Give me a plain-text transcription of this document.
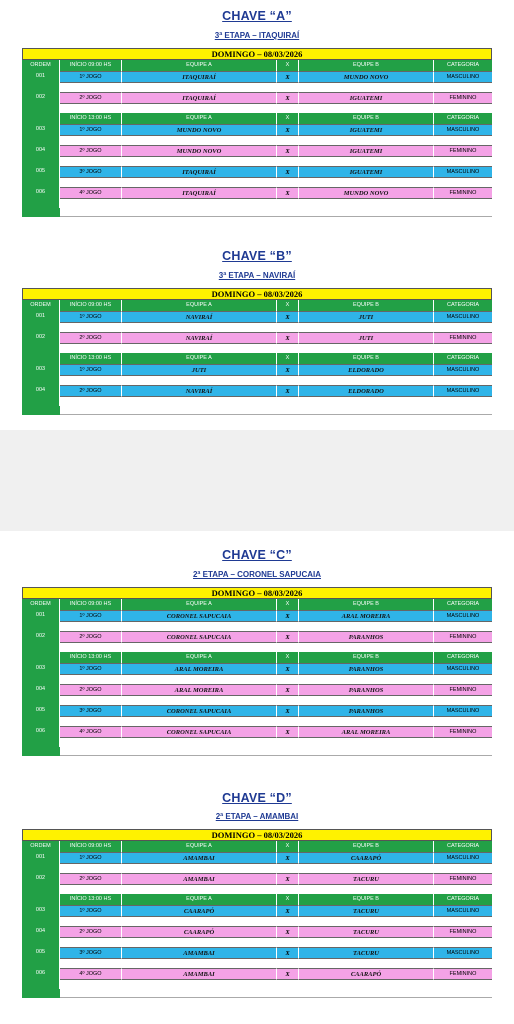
CHAVE “A”
3ª ETAPA – ITAQUIRAÍ
DOMINGO – 08/03/2026
ORDEM	INÍCIO 09:00 HS	EQUIPE A	X	EQUIPE B	CATEGORIA
001	1º JOGO	ITAQUIRAÍ	X	MUNDO NOVO	MASCULINO
002	2º JOGO	ITAQUIRAÍ	X	IGUATEMI	FEMININO
INÍCIO 13:00 HS	EQUIPE A	X	EQUIPE B	CATEGORIA
003	1º JOGO	MUNDO NOVO	X	IGUATEMI	MASCULINO
004	2º JOGO	MUNDO NOVO	X	IGUATEMI	FEMININO
005	3º JOGO	ITAQUIRAÍ	X	IGUATEMI	MASCULINO
006	4º JOGO	ITAQUIRAÍ	X	MUNDO NOVO	FEMININO
CHAVE “B”
3ª ETAPA – NAVIRAÍ
DOMINGO – 08/03/2026
ORDEM	INÍCIO 09:00 HS	EQUIPE A	X	EQUIPE B	CATEGORIA
001	1º JOGO	NAVIRAÍ	X	JUTI	MASCULINO
002	2º JOGO	NAVIRAÍ	X	JUTI	FEMININO
INÍCIO 13:00 HS	EQUIPE A	X	EQUIPE B	CATEGORIA
003	1º JOGO	JUTI	X	ELDORADO	MASCULINO
004	2º JOGO	NAVIRAÍ	X	ELDORADO	MASCULINO
CHAVE “C”
2ª ETAPA – CORONEL SAPUCAIA
DOMINGO – 08/03/2026
ORDEM	INÍCIO 09:00 HS	EQUIPE A	X	EQUIPE B	CATEGORIA
001	1º JOGO	CORONEL SAPUCAIA	X	ARAL MOREIRA	MASCULINO
002	2º JOGO	CORONEL SAPUCAIA	X	PARANHOS	FEMININO
INÍCIO 13:00 HS	EQUIPE A	X	EQUIPE B	CATEGORIA
003	1º JOGO	ARAL MOREIRA	X	PARANHOS	MASCULINO
004	2º JOGO	ARAL MOREIRA	X	PARANHOS	FEMININO
005	3º JOGO	CORONEL SAPUCAIA	X	PARANHOS	MASCULINO
006	4º JOGO	CORONEL SAPUCAIA	X	ARAL MOREIRA	FEMININO
CHAVE “D”
2ª ETAPA – AMAMBAI
DOMINGO – 08/03/2026
ORDEM	INÍCIO 09:00 HS	EQUIPE A	X	EQUIPE B	CATEGORIA
001	1º JOGO	AMAMBAI	X	CAARAPÓ	MASCULINO
002	2º JOGO	AMAMBAI	X	TACURU	FEMININO
INÍCIO 13:00 HS	EQUIPE A	X	EQUIPE B	CATEGORIA
003	1º JOGO	CAARAPÓ	X	TACURU	MASCULINO
004	2º JOGO	CAARAPÓ	X	TACURU	FEMININO
005	3º JOGO	AMAMBAI	X	TACURU	MASCULINO
006	4º JOGO	AMAMBAI	X	CAARAPÓ	FEMININO
